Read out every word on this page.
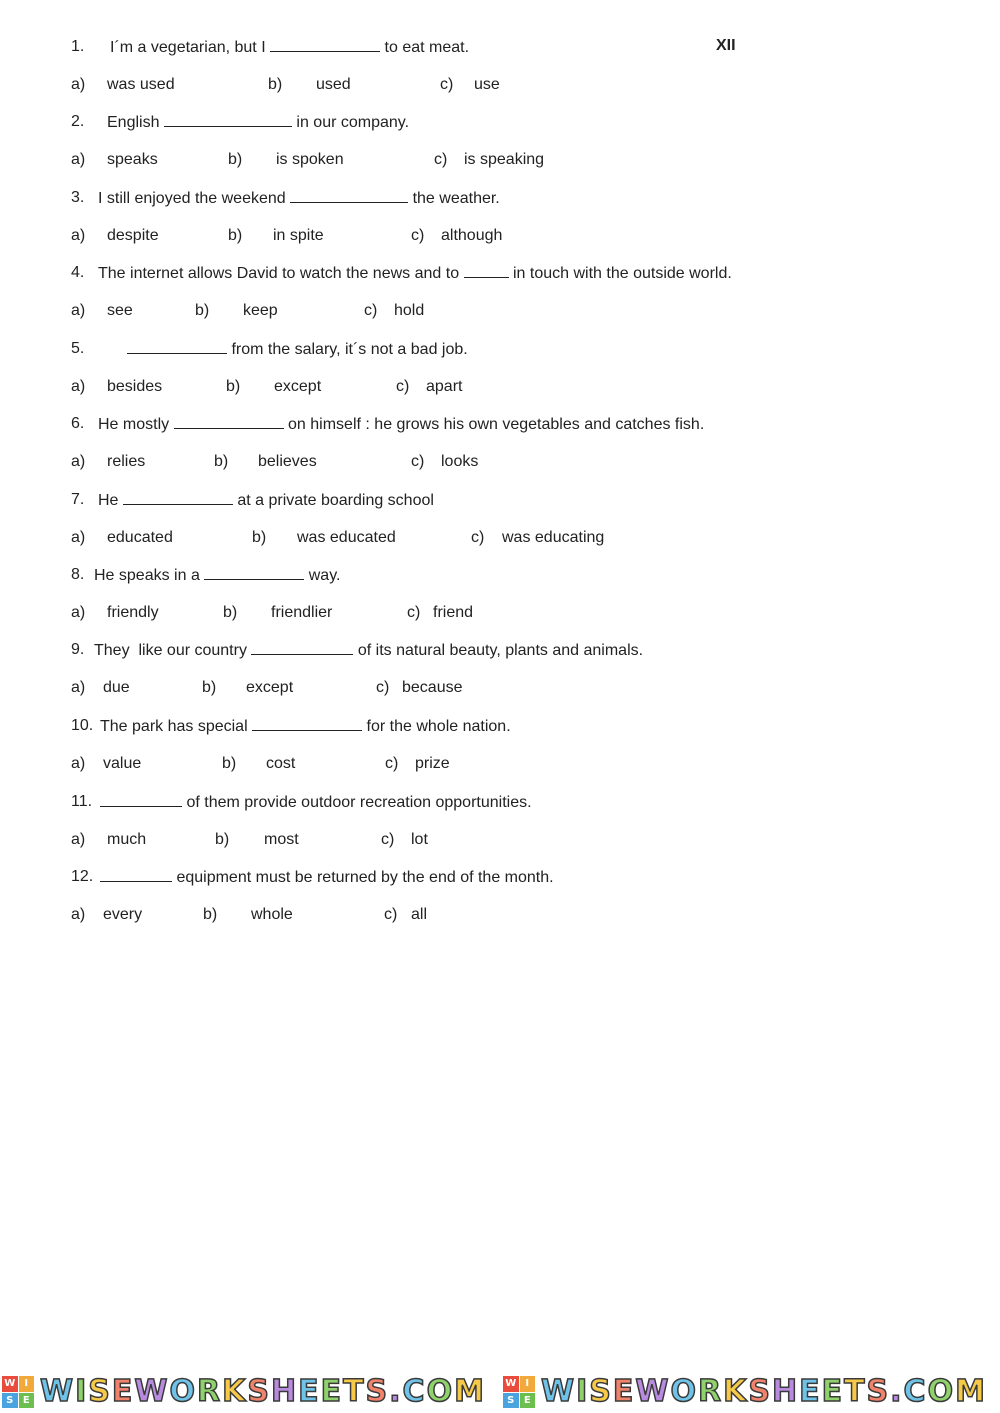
XII
1. I´m a vegetarian, but I	to eat meat.
a) was used	b) used	c) use
2. English	in our company.
a) speaks	b) is spoken	c) is speaking
3. I still enjoyed the weekend	the weather.
a) despite	b) in spite	c) although
4. The internet allows David to watch the news and to	in touch with the outside world.
a) see	b) keep	c) hold
5.	from the salary, it´s not a bad job.
a) besides	b) except	c) apart
6. He mostly	on himself : he grows his own vegetables and catches fish.
a) relies	b) believes	c) looks
7. He	at a private boarding school
a) educated	b) was educated	c) was educating
8. He speaks in a	way.
a) friendly	b) friendlier	c) friend
9. They  like our country	of its natural beauty, plants and animals.
a) due	b) except	c) because
10. The park has special	for the whole nation.
a) value	b) cost	c) prize
11.	of them provide outdoor recreation opportunities.
a) much	b) most	c) lot
12.	equipment must be returned by the end of the month.
a) every	b) whole	c) all
W I
S E WISEWORKSHEETS.COM W I
S E WISEWORKSHEETS.COM
